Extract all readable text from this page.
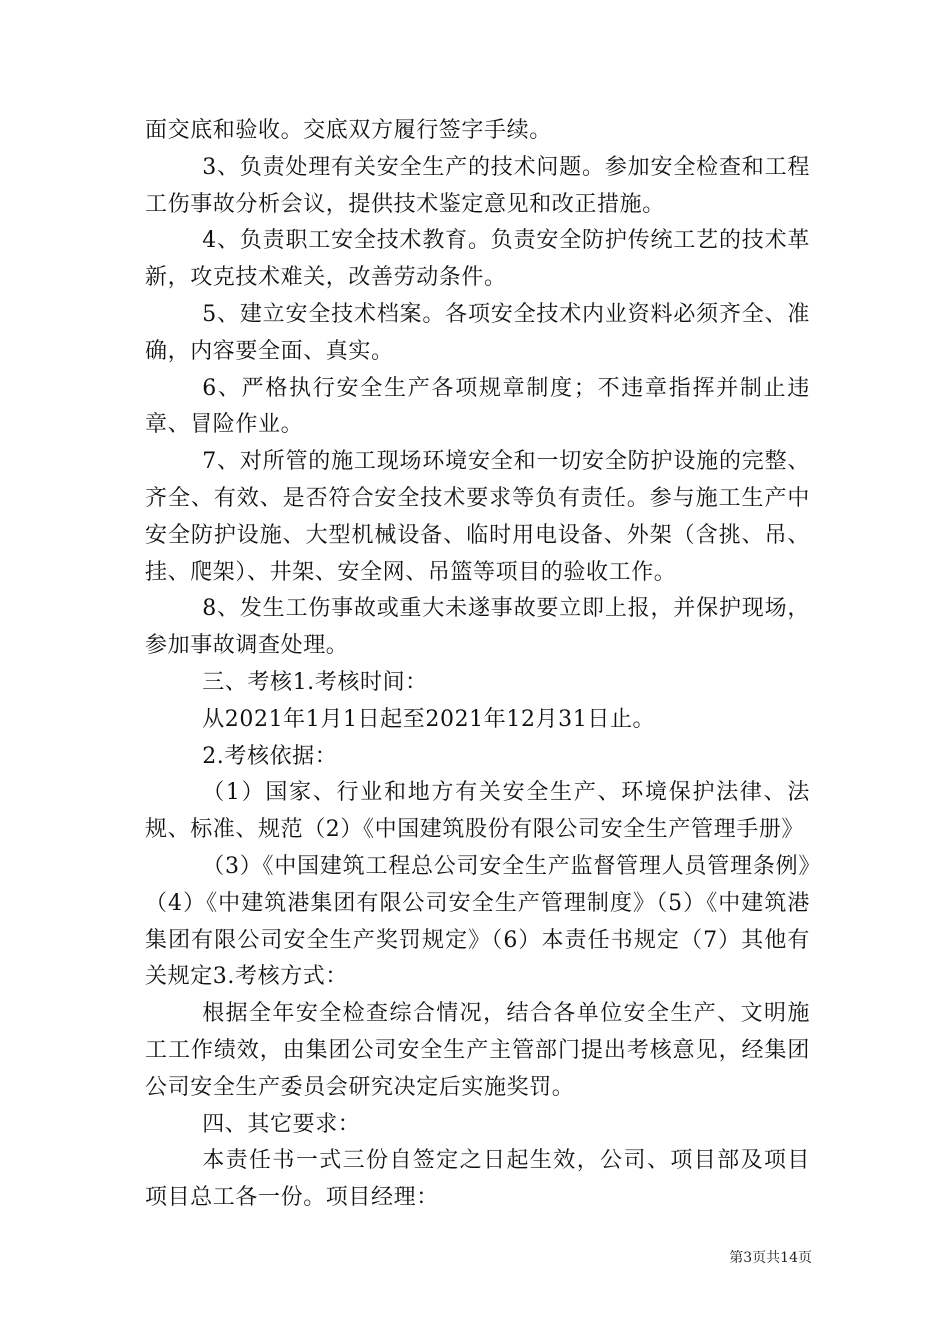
面交底和验收。交底双方履行签字手续。

3、负责处理有关安全生产的技术问题。参加安全检查和工程工伤事故分析会议，提供技术鉴定意见和改正措施。

4、负责职工安全技术教育。负责安全防护传统工艺的技术革新，攻克技术难关，改善劳动条件。

5、建立安全技术档案。各项安全技术内业资料必须齐全、准确，内容要全面、真实。

6、严格执行安全生产各项规章制度；不违章指挥并制止违章、冒险作业。

7、对所管的施工现场环境安全和一切安全防护设施的完整、齐全、有效、是否符合安全技术要求等负有责任。参与施工生产中安全防护设施、大型机械设备、临时用电设备、外架（含挑、吊、挂、爬架）、井架、安全网、吊篮等项目的验收工作。

8、发生工伤事故或重大未遂事故要立即上报，并保护现场，参加事故调查处理。

三、考核1.考核时间：

从2021年1月1日起至2021年12月31日止。

2.考核依据：

（1）国家、行业和地方有关安全生产、环境保护法律、法规、标准、规范（2）《中国建筑股份有限公司安全生产管理手册》

（3）《中国建筑工程总公司安全生产监督管理人员管理条例》（4）《中建筑港集团有限公司安全生产管理制度》（5）《中建筑港集团有限公司安全生产奖罚规定》（6）本责任书规定（7）其他有关规定3.考核方式：

根据全年安全检查综合情况，结合各单位安全生产、文明施工工作绩效，由集团公司安全生产主管部门提出考核意见，经集团公司安全生产委员会研究决定后实施奖罚。

四、其它要求：

本责任书一式三份自签定之日起生效，公司、项目部及项目项目总工各一份。项目经理：

第3页共14页
